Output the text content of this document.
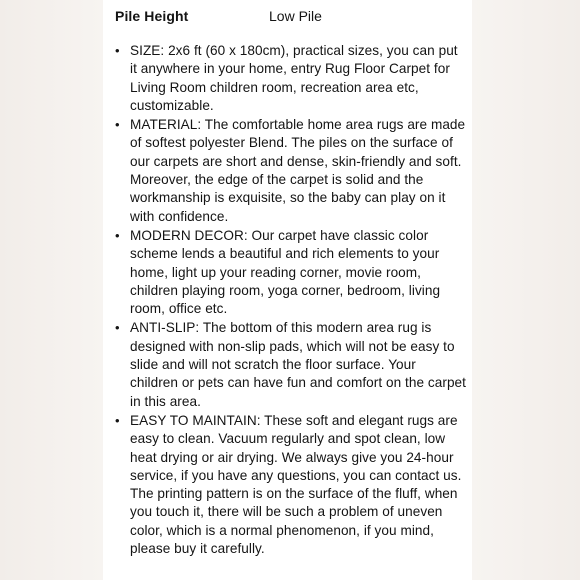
Pile Height	Low Pile
• SIZE: 2x6 ft (60 x 180cm), practical sizes, you can put it anywhere in your home, entry Rug Floor Carpet for Living Room children room, recreation area etc, customizable.
• MATERIAL: The comfortable home area rugs are made of softest polyester Blend. The piles on the surface of our carpets are short and dense, skin-friendly and soft. Moreover, the edge of the carpet is solid and the workmanship is exquisite, so the baby can play on it with confidence.
• MODERN DECOR: Our carpet have classic color scheme lends a beautiful and rich elements to your home, light up your reading corner, movie room, children playing room, yoga corner, bedroom, living room, office etc.
• ANTI-SLIP: The bottom of this modern area rug is designed with non-slip pads, which will not be easy to slide and will not scratch the floor surface. Your children or pets can have fun and comfort on the carpet in this area.
• EASY TO MAINTAIN: These soft and elegant rugs are easy to clean. Vacuum regularly and spot clean, low heat drying or air drying. We always give you 24-hour service, if you have any questions, you can contact us. The printing pattern is on the surface of the fluff, when you touch it, there will be such a problem of uneven color, which is a normal phenomenon, if you mind, please buy it carefully.
